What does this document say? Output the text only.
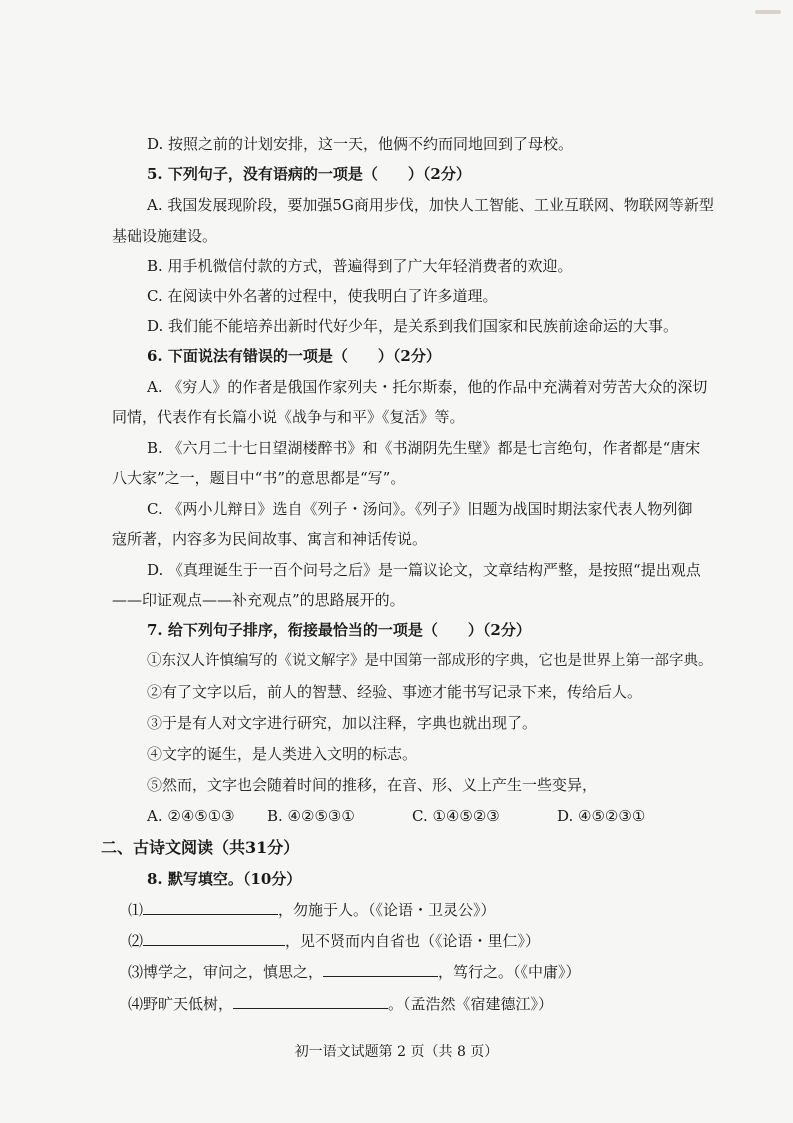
D. 按照之前的计划安排，这一天，他俩不约而同地回到了母校。
5. 下列句子，没有语病的一项是（　　）（2分）
A. 我国发展现阶段，要加强5G商用步伐，加快人工智能、工业互联网、物联网等新型
基础设施建设。
B. 用手机微信付款的方式，普遍得到了广大年轻消费者的欢迎。
C. 在阅读中外名著的过程中，使我明白了许多道理。
D. 我们能不能培养出新时代好少年，是关系到我们国家和民族前途命运的大事。
6. 下面说法有错误的一项是（　　）（2分）
A. 《穷人》的作者是俄国作家列夫・托尔斯泰，他的作品中充满着对劳苦大众的深切
同情，代表作有长篇小说《战争与和平》《复活》等。
B. 《六月二十七日望湖楼醉书》和《书湖阴先生壁》都是七言绝句，作者都是“唐宋
八大家”之一，题目中“书”的意思都是“写”。
C. 《两小儿辩日》选自《列子・汤问》。《列子》旧题为战国时期法家代表人物列御
寇所著，内容多为民间故事、寓言和神话传说。
D. 《真理诞生于一百个问号之后》是一篇议论文，文章结构严整，是按照“提出观点
——印证观点——补充观点”的思路展开的。
7. 给下列句子排序，衔接最恰当的一项是（　　）（2分）
①东汉人许慎编写的《说文解字》是中国第一部成形的字典，它也是世界上第一部字典。
②有了文字以后，前人的智慧、经验、事迹才能书写记录下来，传给后人。
③于是有人对文字进行研究，加以注释，字典也就出现了。
④文字的诞生，是人类进入文明的标志。
⑤然而，文字也会随着时间的推移，在音、形、义上产生一些变异，
A. ②④⑤①③ B. ④②⑤③①	C. ①④⑤②③	D. ④⑤②③①
二、古诗文阅读（共31分）
8. 默写填空。（10分）
⑴	，勿施于人。（《论语・卫灵公》）
⑵	，见不贤而内自省也（《论语・里仁》）
⑶博学之，审问之，慎思之，	，笃行之。（《中庸》）
⑷野旷天低树，	。（孟浩然《宿建德江》）
初一语文试题第 2 页（共 8 页）
